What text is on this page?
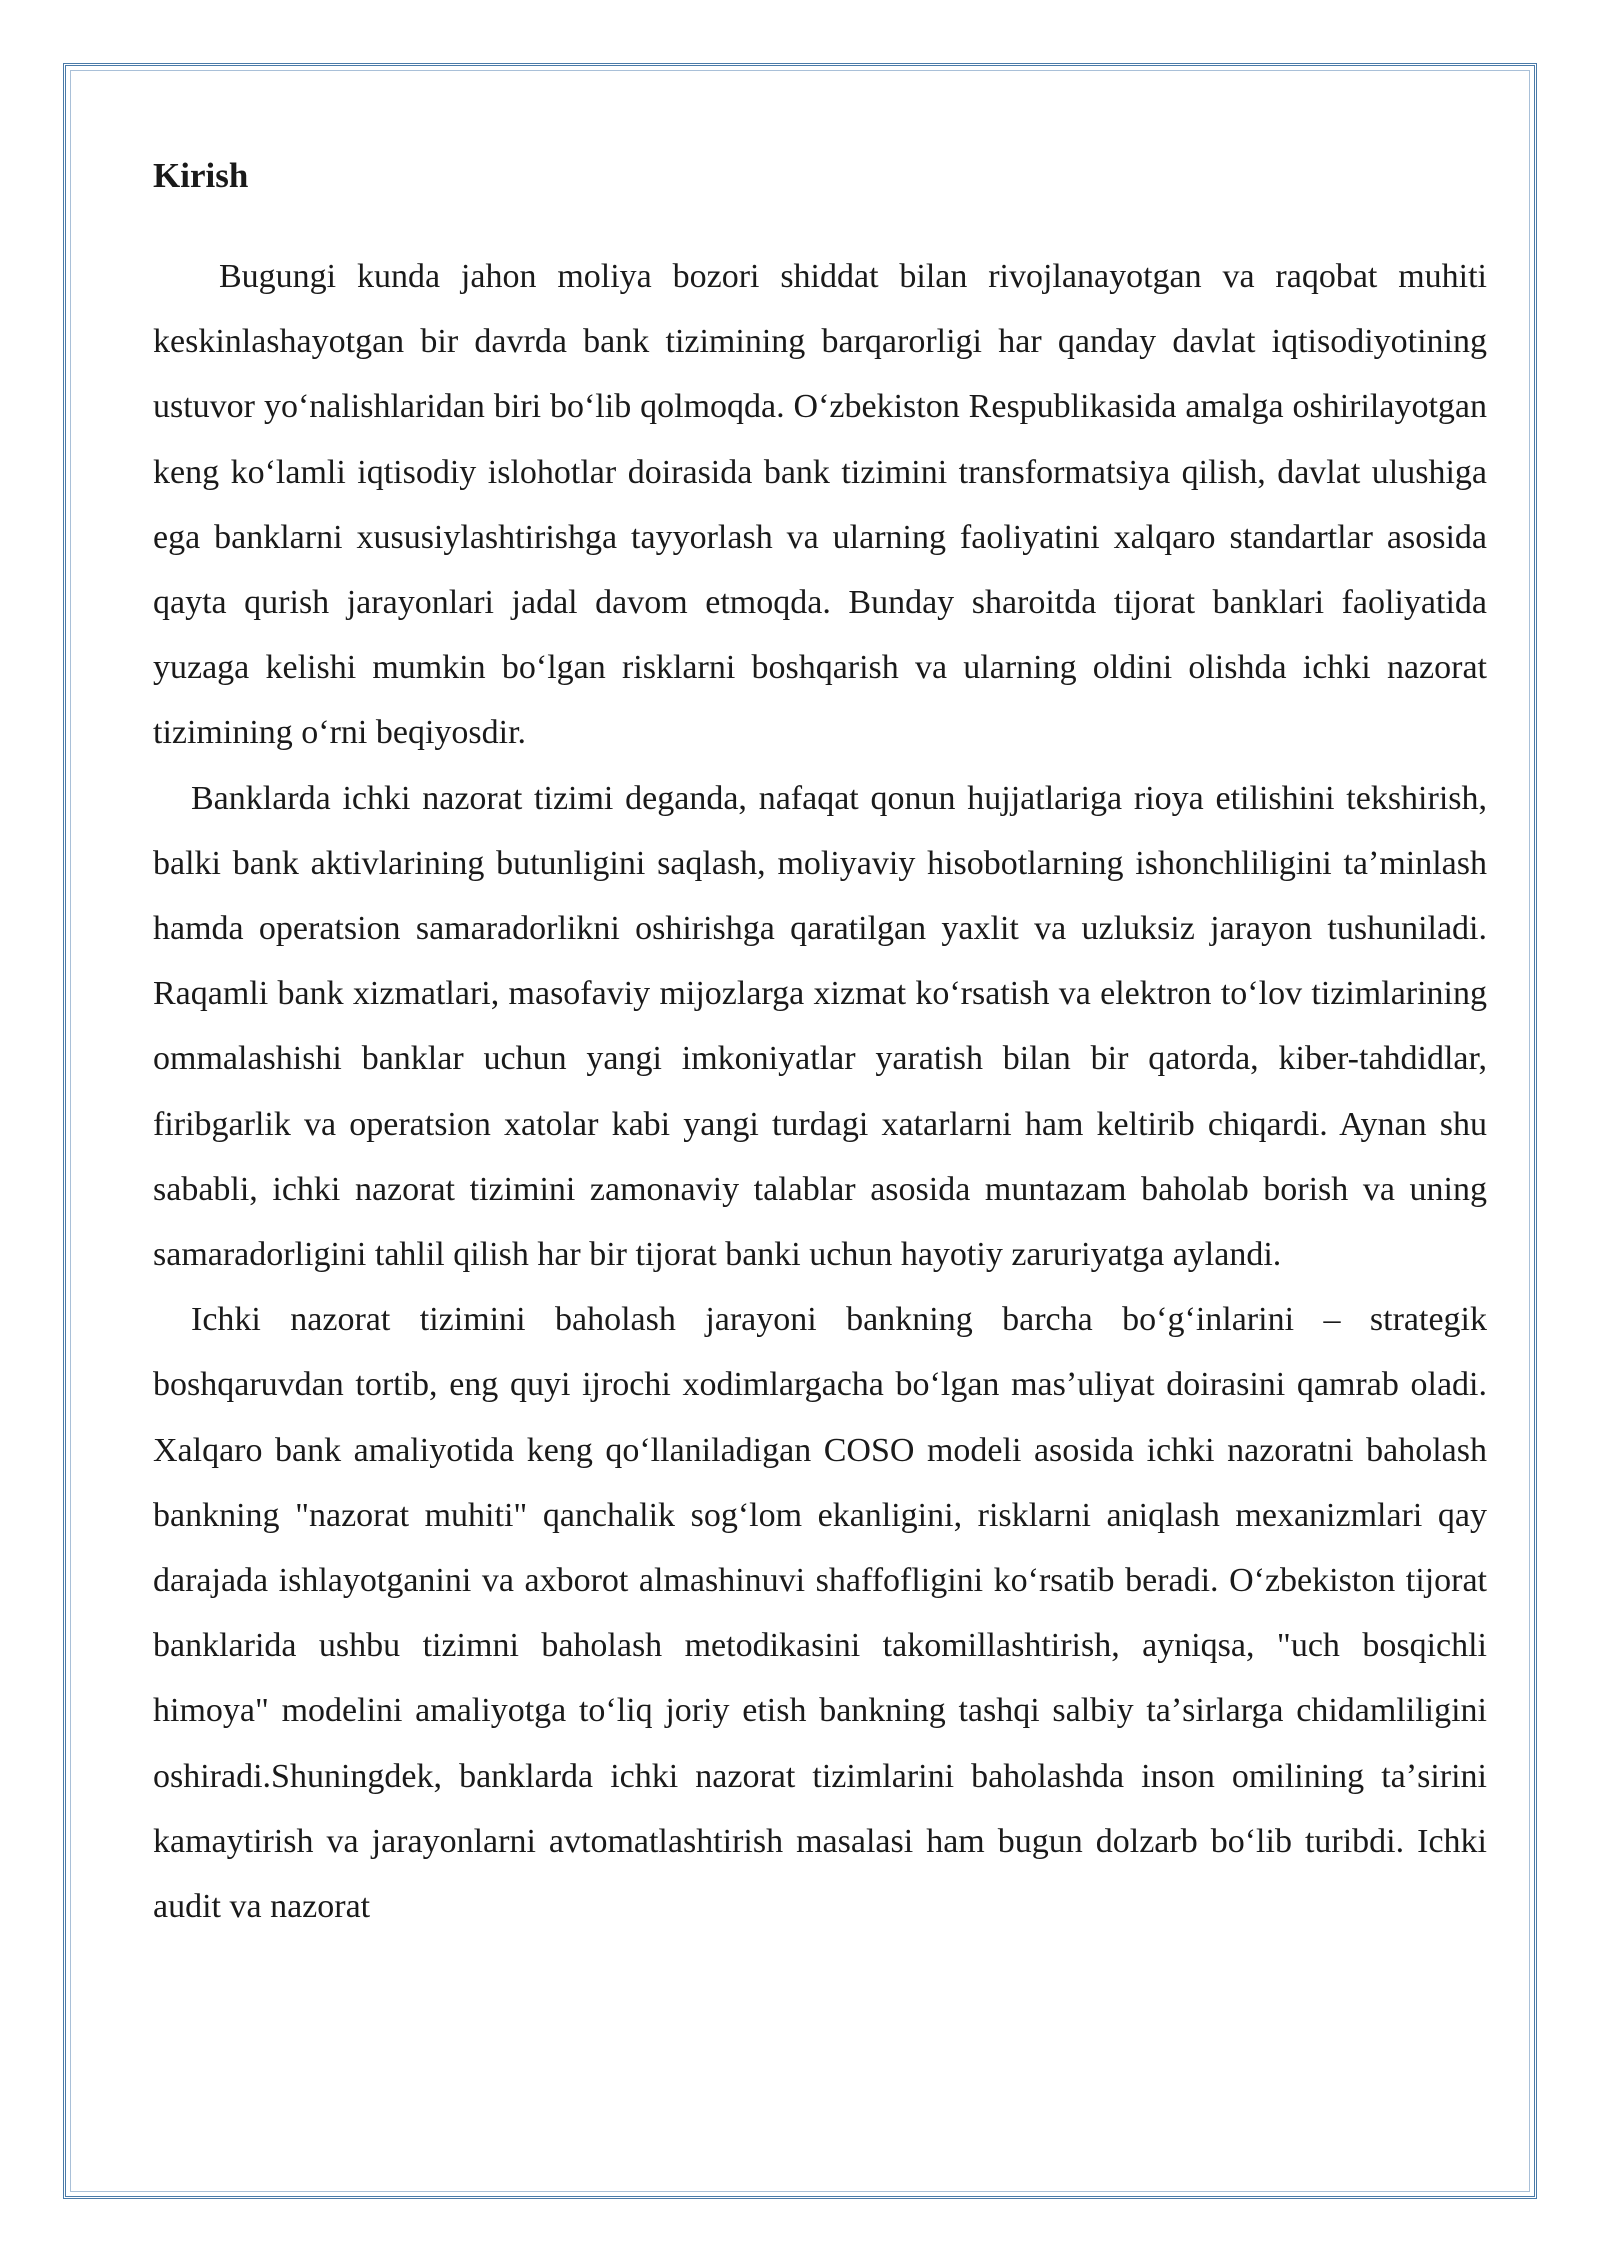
Kirish

Bugungi kunda jahon moliya bozori shiddat bilan rivojlanayotgan va raqobat muhiti keskinlashayotgan bir davrda bank tizimining barqarorligi har qanday davlat iqtisodiyotining ustuvor yoʻnalishlaridan biri boʻlib qolmoqda. Oʻzbekiston Respublikasida amalga oshirilayotgan keng koʻlamli iqtisodiy islohotlar doirasida bank tizimini transformatsiya qilish, davlat ulushiga ega banklarni xususiylashtirishga tayyorlash va ularning faoliyatini xalqaro standartlar asosida qayta qurish jarayonlari jadal davom etmoqda. Bunday sharoitda tijorat banklari faoliyatida yuzaga kelishi mumkin boʻlgan risklarni boshqarish va ularning oldini olishda ichki nazorat tizimining oʻrni beqiyosdir.

Banklarda ichki nazorat tizimi deganda, nafaqat qonun hujjatlariga rioya etilishini tekshirish, balki bank aktivlarining butunligini saqlash, moliyaviy hisobotlarning ishonchliligini taʼminlash hamda operatsion samaradorlikni oshirishga qaratilgan yaxlit va uzluksiz jarayon tushuniladi. Raqamli bank xizmatlari, masofaviy mijozlarga xizmat koʻrsatish va elektron toʻlov tizimlarining ommalashishi banklar uchun yangi imkoniyatlar yaratish bilan bir qatorda, kiber-tahdidlar, firibgarlik va operatsion xatolar kabi yangi turdagi xatarlarni ham keltirib chiqardi. Aynan shu sababli, ichki nazorat tizimini zamonaviy talablar asosida muntazam baholab borish va uning samaradorligini tahlil qilish har bir tijorat banki uchun hayotiy zaruriyatga aylandi.

Ichki nazorat tizimini baholash jarayoni bankning barcha boʻgʻinlarini – strategik boshqaruvdan tortib, eng quyi ijrochi xodimlargacha boʻlgan masʼuliyat doirasini qamrab oladi. Xalqaro bank amaliyotida keng qoʻllaniladigan COSO modeli asosida ichki nazoratni baholash bankning "nazorat muhiti" qanchalik sogʻlom ekanligini, risklarni aniqlash mexanizmlari qay darajada ishlayotganini va axborot almashinuvi shaffofligini koʻrsatib beradi. Oʻzbekiston tijorat banklarida ushbu tizimni baholash metodikasini takomillashtirish, ayniqsa, "uch bosqichli himoya" modelini amaliyotga toʻliq joriy etish bankning tashqi salbiy taʼsirlarga chidamliligini oshiradi.Shuningdek, banklarda ichki nazorat tizimlarini baholashda inson omilining taʼsirini kamaytirish va jarayonlarni avtomatlashtirish masalasi ham bugun dolzarb boʻlib turibdi. Ichki audit va nazorat
